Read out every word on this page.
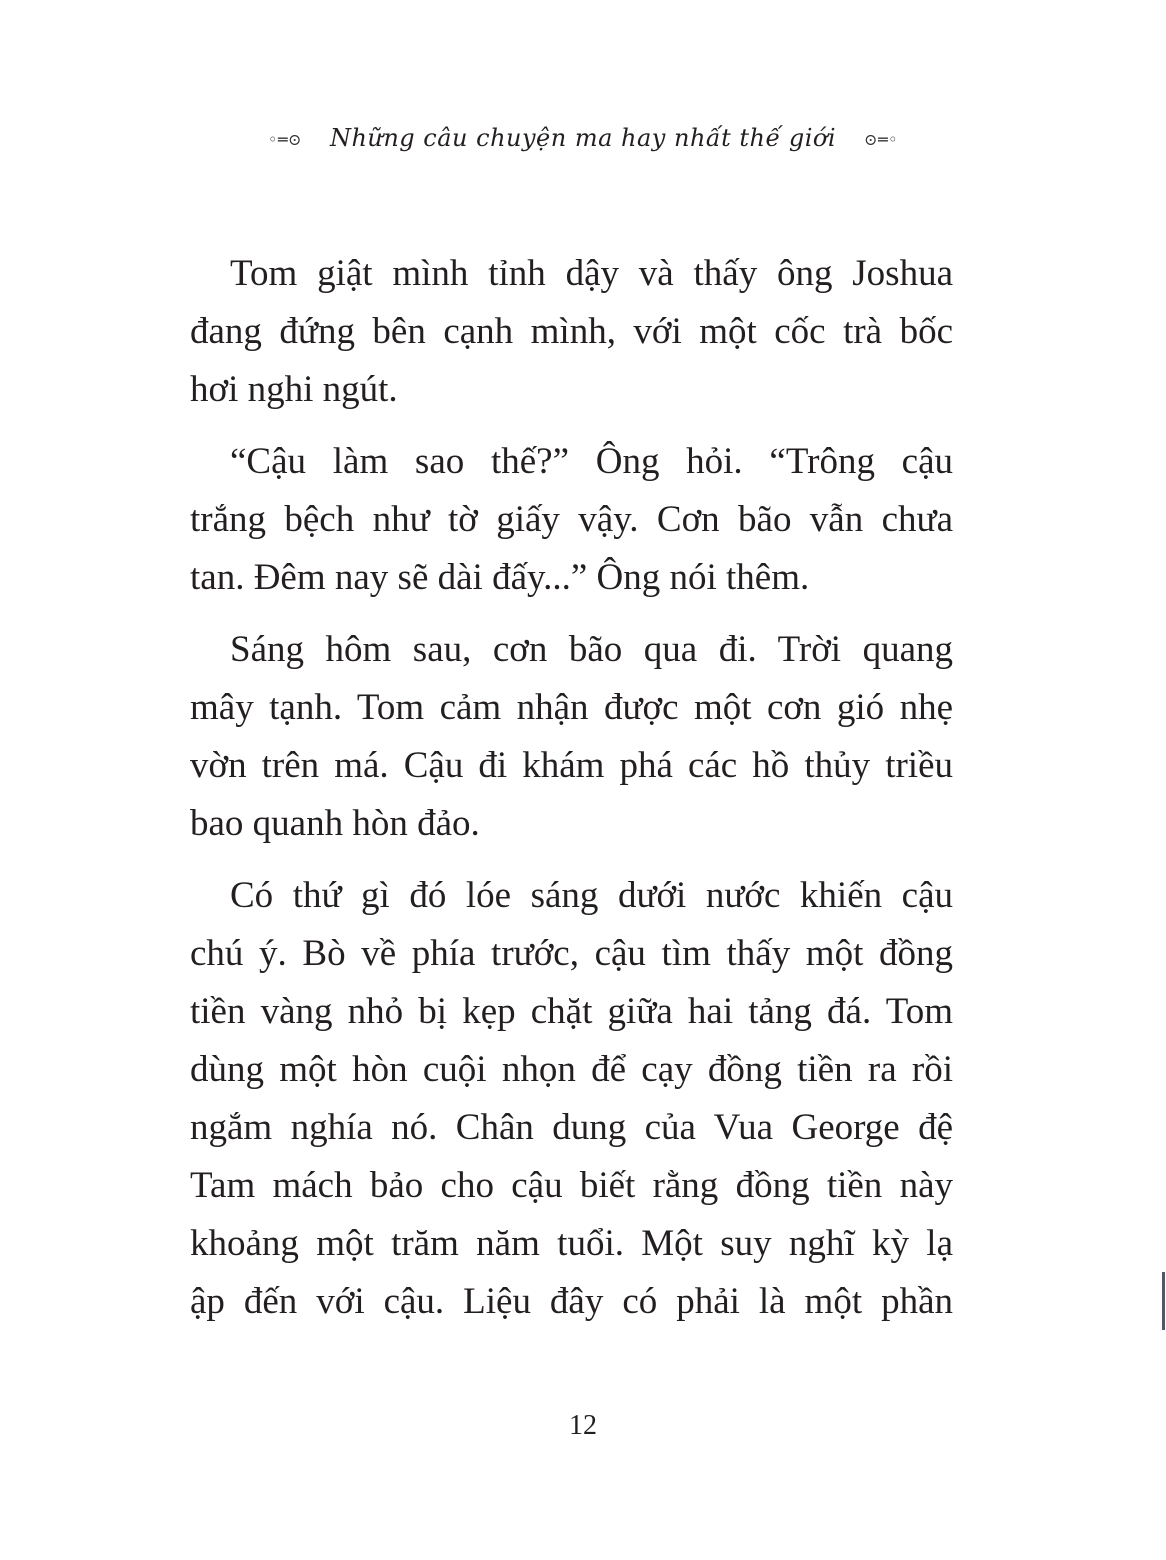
◦═⊙ Những câu chuyện ma hay nhất thế giới ⊙═◦
Tom giật mình tỉnh dậy và thấy ông Joshua
đang đứng bên cạnh mình, với một cốc trà bốc
hơi nghi ngút.
“Cậu làm sao thế?” Ông hỏi. “Trông cậu
trắng bệch như tờ giấy vậy. Cơn bão vẫn chưa
tan. Đêm nay sẽ dài đấy...” Ông nói thêm.
Sáng hôm sau, cơn bão qua đi. Trời quang
mây tạnh. Tom cảm nhận được một cơn gió nhẹ
vờn trên má. Cậu đi khám phá các hồ thủy triều
bao quanh hòn đảo.
Có thứ gì đó lóe sáng dưới nước khiến cậu
chú ý. Bò về phía trước, cậu tìm thấy một đồng
tiền vàng nhỏ bị kẹp chặt giữa hai tảng đá. Tom
dùng một hòn cuội nhọn để cạy đồng tiền ra rồi
ngắm nghía nó. Chân dung của Vua George đệ
Tam mách bảo cho cậu biết rằng đồng tiền này
khoảng một trăm năm tuổi. Một suy nghĩ kỳ lạ
ập đến với cậu. Liệu đây có phải là một phần
12
